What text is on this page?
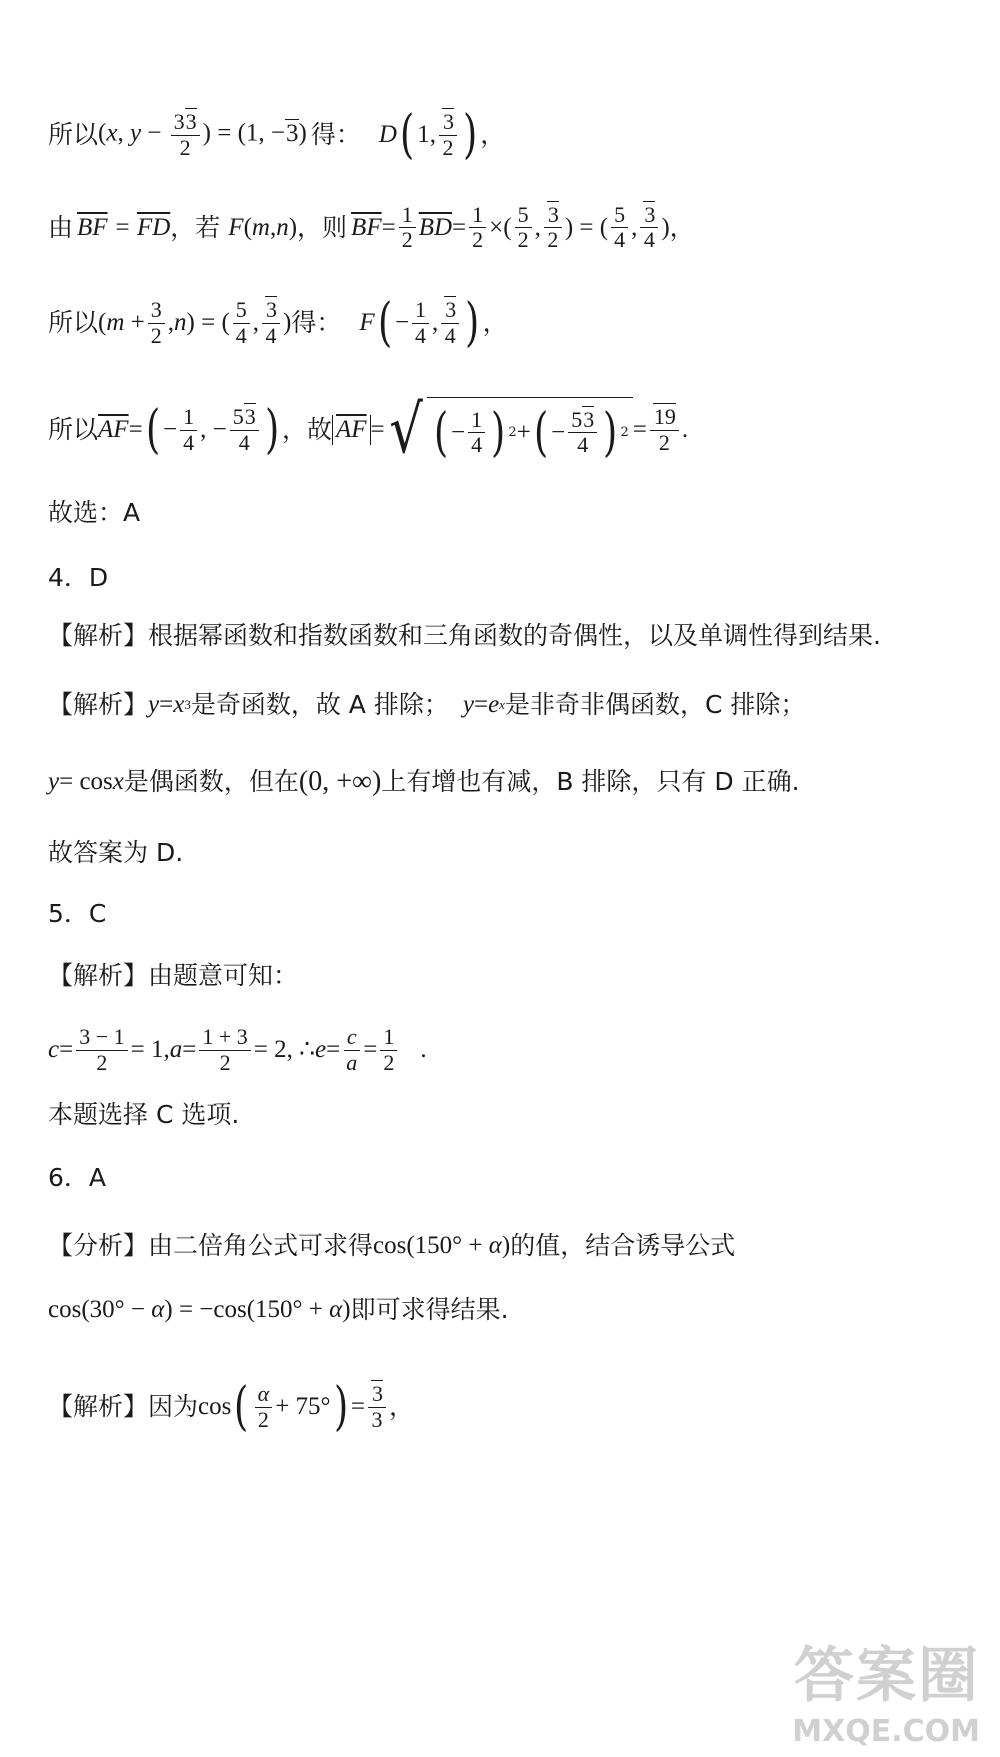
所以 (x, $y - \frac{33}{2}$ ) = (1, −3) 得： D ( 1, $\frac{3}{2}$ ) ，
由 $\overline{BF} = \overline{FD}$ ，若 F ( m , n ) ，则 $\overline{BF} = \frac{1}{2} \overline{BD} = \frac{1}{2}$ ×( $\frac{5}{2}$ , $\frac{3}{2}$ ) = ( $\frac{5}{4}$ , $\frac{3}{4}$ ) ，
所以 $(m + \frac{3}{2} ,n)$ = ( $\frac{5}{4}$ , $\frac{3}{4}$ ) 得： F ( − $\frac{1}{4}$ , $\frac{3}{4}$ ) ，
所以 $\overline{AF}$ = ( − $\frac{1}{4}$ , − $\frac{53}{4}$ ) ，故 $\overline{AF}$ = √ ( − $\frac{1}{4}$ ) 2 + ( − $\frac{53}{4}$ ) $2 = \frac{19}{2}$ .
故选：A
4．D
【解析】根据幂函数和指数函数和三角函数的奇偶性，以及单调性得到结果.
【解析】 y = x 3 是奇函数，故 A 排除； y = e x 是非奇非偶函数，C 排除；
y = cos x 是偶函数，但在 (0, +∞) 上有增也有减，B 排除，只有 D 正确.
故答案为 D.
5．C
【解析】由题意可知：
$c = \frac{3 - 1}{2} = 1$, $a = \frac{1 + 3}{2} = 2$, ∴ $e = \frac{c}{a} = \frac{1}{2}$ .
本题选择 C 选项.
6．A
【分析】由二倍角公式可求得 cos(150° + α) 的值，结合诱导公式
cos(30° − α) = −cos(150° + α) 即可求得结果.
【解析】因为 cos ( $\frac{\alpha}{2} + 75^\circ$ ) = $\frac{3}{3}$ ，
答案圈
MXQE.COM
